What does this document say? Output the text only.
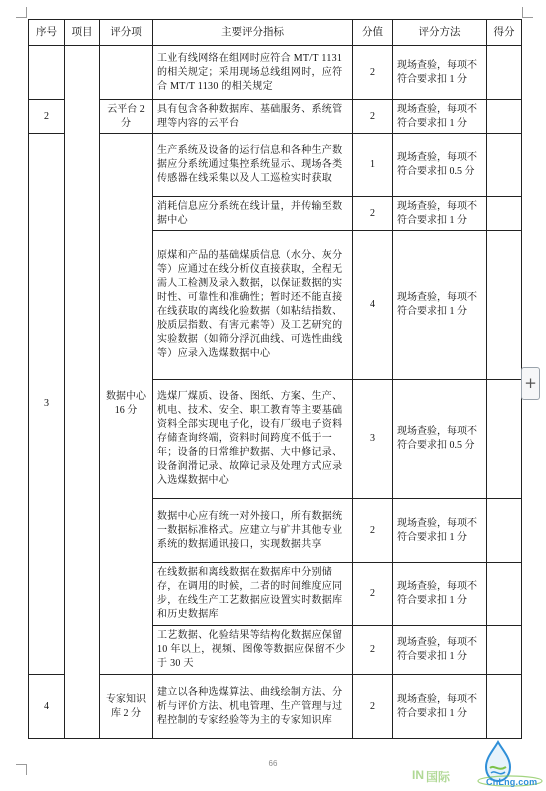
序号	项目	评分项	主要评分指标	分值	评分方法	得分
			工业有线网络在组网时应符合 MT/T 1131 的相关规定；采用现场总线组网时，应符合 MT/T 1130 的相关规定	2	现场查验，每项不符合要求扣 1 分	
2		云平台 2 分	具有包含各种数据库、基础服务、系统管理等内容的云平台	2	现场查验，每项不符合要求扣 1 分	
3		数据中心 16 分	生产系统及设备的运行信息和各种生产数据应分系统通过集控系统显示、现场各类传感器在线采集以及人工巡检实时获取	1	现场查验，每项不符合要求扣 0.5 分	
			消耗信息应分系统在线计量，并传输至数据中心	2	现场查验，每项不符合要求扣 1 分	
			原煤和产品的基础煤质信息（水分、灰分等）应通过在线分析仪直接获取，全程无需人工检测及录入数据，以保证数据的实时性、可靠性和准确性；暂时还不能直接在线获取的离线化验数据（如粘结指数、胶质层指数、有害元素等）及工艺研究的实验数据（如筛分浮沉曲线、可选性曲线等）应录入选煤数据中心	4	现场查验，每项不符合要求扣 1 分	
			选煤厂煤质、设备、图纸、方案、生产、机电、技术、安全、职工教育等主要基础资料全部实现电子化，设有厂级电子资料存储查询终端，资料时间跨度不低于一年；设备的日常维护数据、大中修记录、设备润滑记录、故障记录及处理方式应录入选煤数据中心	3	现场查验，每项不符合要求扣 0.5 分	
			数据中心应有统一对外接口，所有数据统一数据标准格式。应建立与矿井其他专业系统的数据通讯接口，实现数据共享	2	现场查验，每项不符合要求扣 1 分	
			在线数据和离线数据在数据库中分别储存，在调用的时候，二者的时间维度应同步，在线生产工艺数据应设置实时数据库和历史数据库	2	现场查验，每项不符合要求扣 1 分	
			工艺数据、化验结果等结构化数据应保留 10 年以上，视频、图像等数据应保留不少于 30 天	2	现场查验，每项不符合要求扣 1 分	
4		专家知识库 2 分	建立以各种选煤算法、曲线绘制方法、分析与评价方法、机电管理、生产管理与过程控制的专家经验等为主的专家知识库	2	现场查验，每项不符合要求扣 1 分	
+
66
IN 国际	CnLng.com
